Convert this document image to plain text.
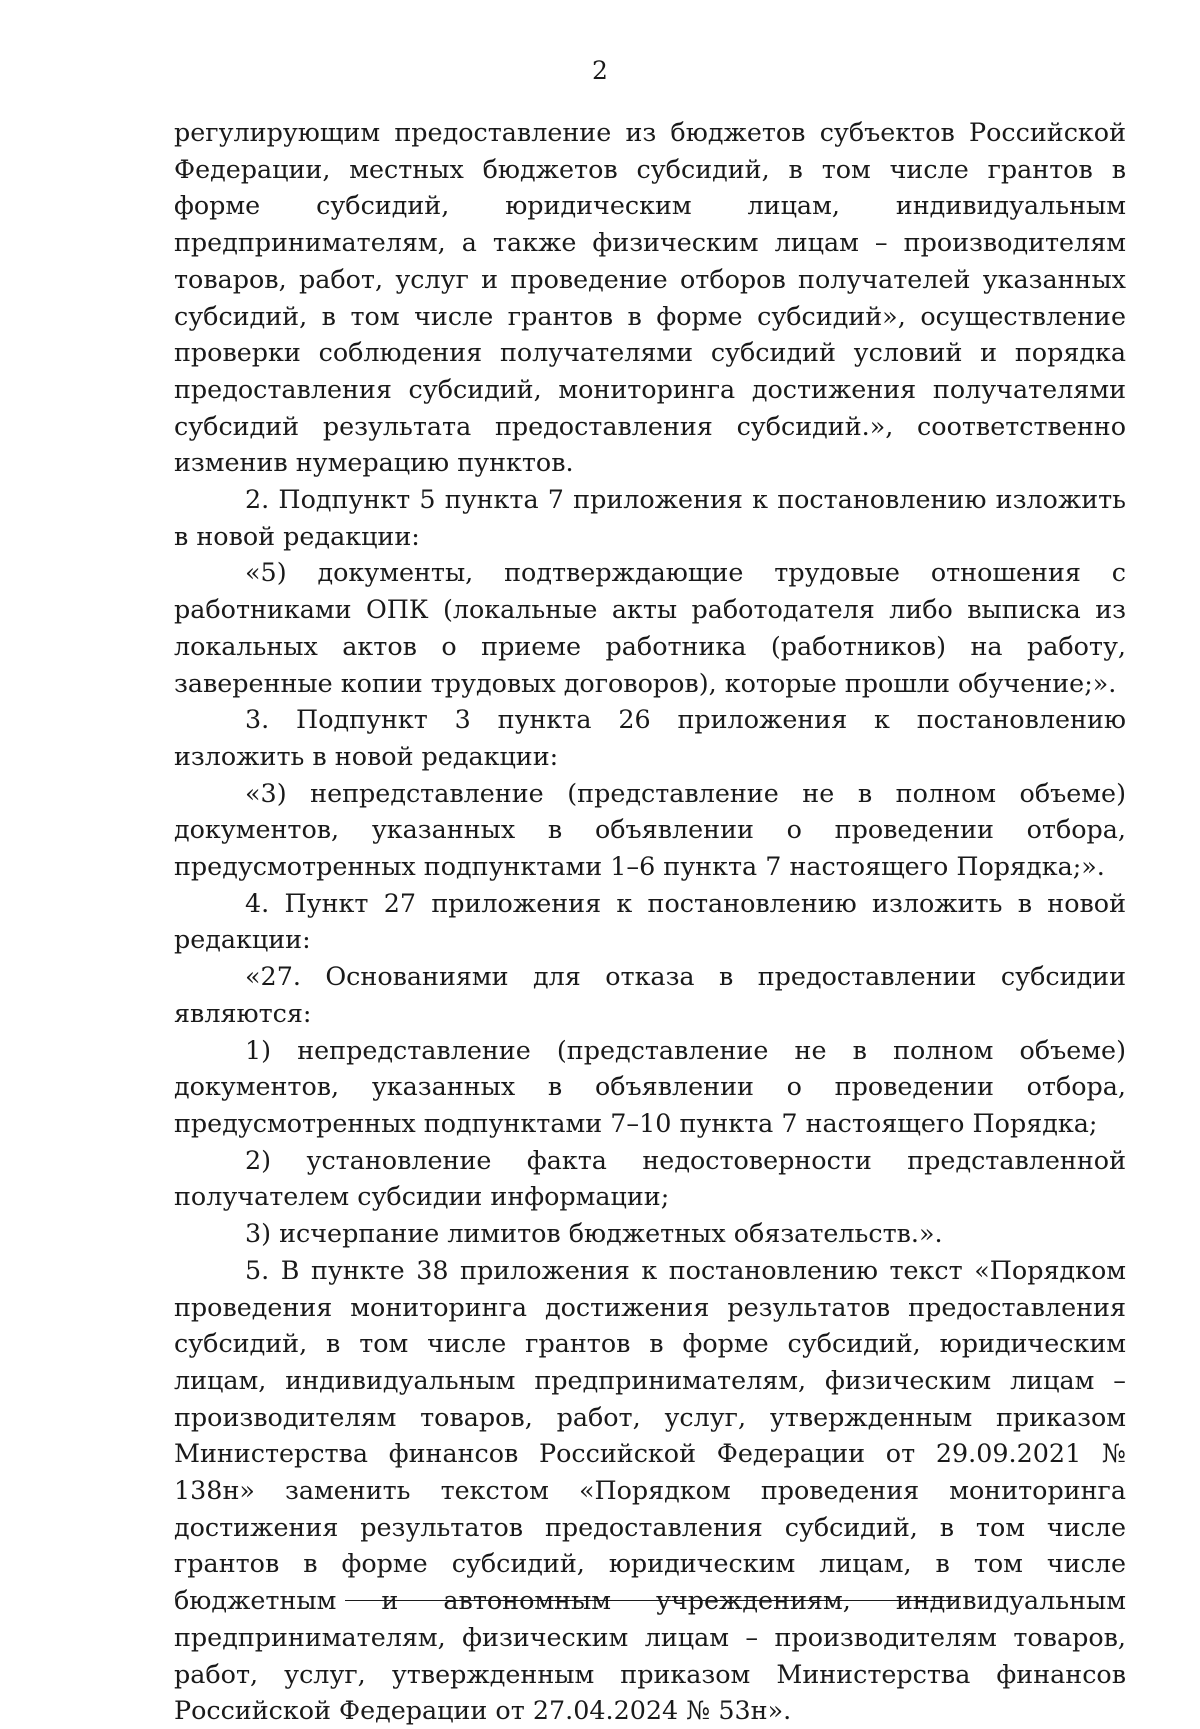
2

регулирующим предоставление из бюджетов субъектов Российской Федерации, местных бюджетов субсидий, в том числе грантов в форме субсидий, юридическим лицам, индивидуальным предпринимателям, а также физическим лицам – производителям товаров, работ, услуг и проведение отборов получателей указанных субсидий, в том числе грантов в форме субсидий», осуществление проверки соблюдения получателями субсидий условий и порядка предоставления субсидий, мониторинга достижения получателями субсидий результата предоставления субсидий.», соответственно изменив нумерацию пунктов.

2. Подпункт 5 пункта 7 приложения к постановлению изложить в новой редакции:

«5) документы, подтверждающие трудовые отношения с работниками ОПК (локальные акты работодателя либо выписка из локальных актов о приеме работника (работников) на работу, заверенные копии трудовых договоров), которые прошли обучение;».

3. Подпункт 3 пункта 26 приложения к постановлению изложить в новой редакции:

«3) непредставление (представление не в полном объеме) документов, указанных в объявлении о проведении отбора, предусмотренных подпунктами 1–6 пункта 7 настоящего Порядка;».

4. Пункт 27 приложения к постановлению изложить в новой редакции:

«27. Основаниями для отказа в предоставлении субсидии являются:

1) непредставление (представление не в полном объеме) документов, указанных в объявлении о проведении отбора, предусмотренных подпунктами 7–10 пункта 7 настоящего Порядка;

2) установление факта недостоверности представленной получателем субсидии информации;

3) исчерпание лимитов бюджетных обязательств.».

5. В пункте 38 приложения к постановлению текст «Порядком проведения мониторинга достижения результатов предоставления субсидий, в том числе грантов в форме субсидий, юридическим лицам, индивидуальным предпринимателям, физическим лицам – производителям товаров, работ, услуг, утвержденным приказом Министерства финансов Российской Федерации от 29.09.2021 № 138н» заменить текстом «Порядком проведения мониторинга достижения результатов предоставления субсидий, в том числе грантов в форме субсидий, юридическим лицам, в том числе бюджетным и автономным учреждениям, индивидуальным предпринимателям, физическим лицам – производителям товаров, работ, услуг, утвержденным приказом Министерства финансов Российской Федерации от 27.04.2024 № 53н».
